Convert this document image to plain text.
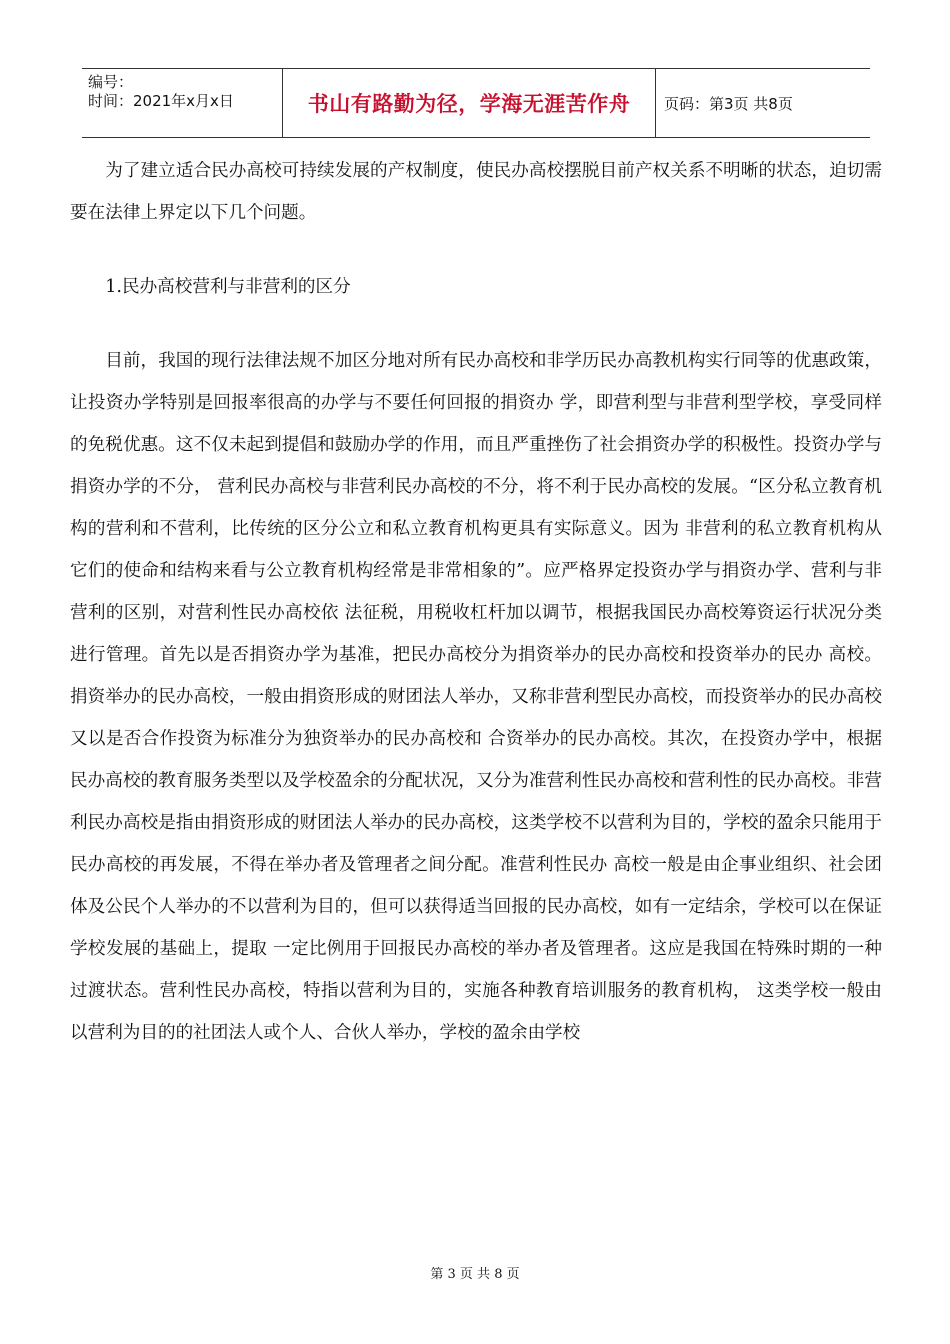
编号：
时间：2021年x月x日	书山有路勤为径，学海无涯苦作舟	页码：第3页 共8页

为了建立适合民办高校可持续发展的产权制度，使民办高校摆脱目前产权关系不明晰的状态，迫切需要在法律上界定以下几个问题。

1.民办高校营利与非营利的区分

目前，我国的现行法律法规不加区分地对所有民办高校和非学历民办高教机构实行同等的优惠政策，让投资办学特别是回报率很高的办学与不要任何回报的捐资办 学，即营利型与非营利型学校，享受同样的免税优惠。这不仅未起到提倡和鼓励办学的作用，而且严重挫伤了社会捐资办学的积极性。投资办学与捐资办学的不分， 营利民办高校与非营利民办高校的不分，将不利于民办高校的发展。“区分私立教育机构的营利和不营利，比传统的区分公立和私立教育机构更具有实际意义。因为 非营利的私立教育机构从它们的使命和结构来看与公立教育机构经常是非常相象的”。应严格界定投资办学与捐资办学、营利与非营利的区别，对营利性民办高校依 法征税，用税收杠杆加以调节，根据我国民办高校筹资运行状况分类进行管理。首先以是否捐资办学为基准，把民办高校分为捐资举办的民办高校和投资举办的民办 高校。捐资举办的民办高校，一般由捐资形成的财团法人举办，又称非营利型民办高校，而投资举办的民办高校又以是否合作投资为标准分为独资举办的民办高校和 合资举办的民办高校。其次，在投资办学中，根据民办高校的教育服务类型以及学校盈余的分配状况，又分为准营利性民办高校和营利性的民办高校。非营利民办高校是指由捐资形成的财团法人举办的民办高校，这类学校不以营利为目的，学校的盈余只能用于民办高校的再发展，不得在举办者及管理者之间分配。准营利性民办 高校一般是由企事业组织、社会团体及公民个人举办的不以营利为目的，但可以获得适当回报的民办高校，如有一定结余，学校可以在保证学校发展的基础上，提取 一定比例用于回报民办高校的举办者及管理者。这应是我国在特殊时期的一种过渡状态。营利性民办高校，特指以营利为目的，实施各种教育培训服务的教育机构， 这类学校一般由以营利为目的的社团法人或个人、合伙人举办，学校的盈余由学校

第 3 页 共 8 页
